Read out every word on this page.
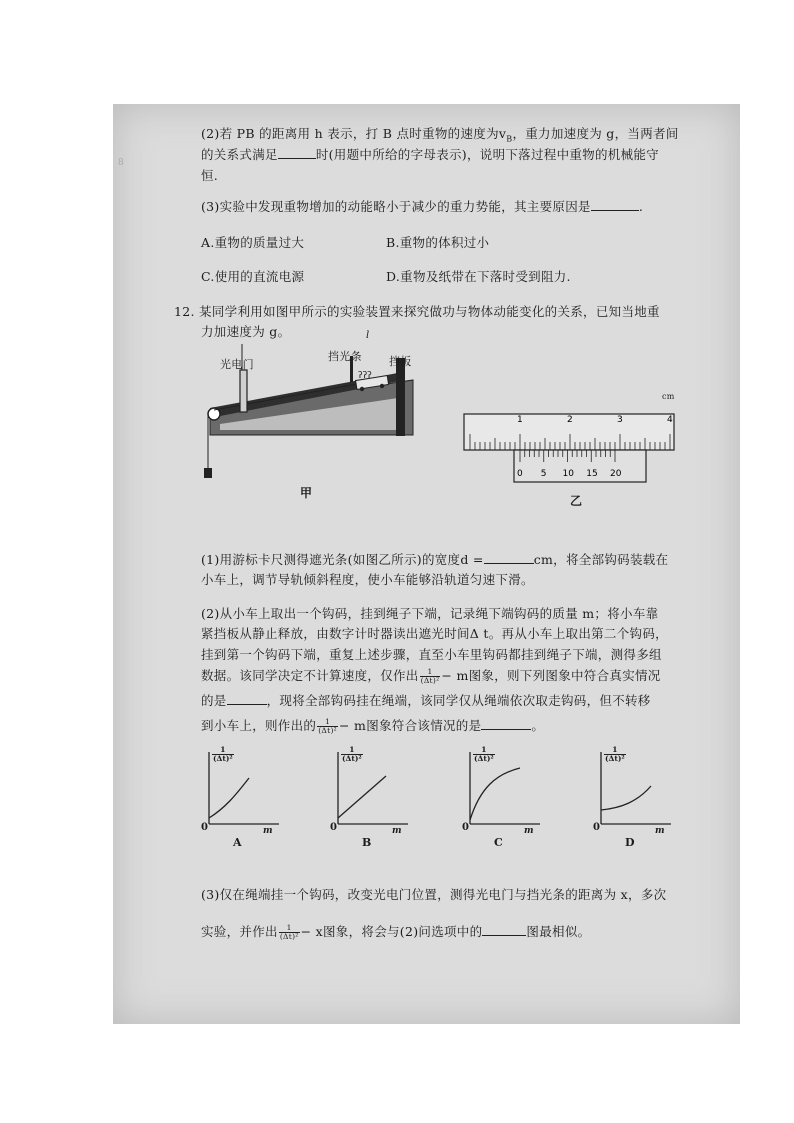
8
(2)若 PB 的距离用 h 表示，打 B 点时重物的速度为$v_B$，重力加速度为 g，当两者间
的关系式满足	时(用题中所给的字母表示)，说明下落过程中重物的机械能守
恒.
(3)实验中发现重物增加的动能略小于减少的重力势能，其主要原因是	.
A.重物的质量过大	B.重物的体积过小
C.使用的直流电源	D.重物及纸带在下落时受到阻力.
12. 某同学利用如图甲所示的实验装置来探究做功与物体动能变化的关系，已知当地重
力加速度为 g。
ʔʔʔ
光电门
挡光条 挡板
l
甲
1	2	3	4
0 5 10 15 20
cm
乙
(1)用游标卡尺测得遮光条(如图乙所示)的宽度d =	cm，将全部钩码装载在
小车上，调节导轨倾斜程度，使小车能够沿轨道匀速下滑。
(2)从小车上取出一个钩码，挂到绳子下端，记录绳下端钩码的质量 m；将小车靠
紧挡板从静止释放，由数字计时器读出遮光时间Δ t。再从小车上取出第二个钩码，
挂到第一个钩码下端，重复上述步骤，直至小车里钩码都挂到绳子下端，测得多组
数据。该同学决定不计算速度，仅作出 $\frac{1}{\text{(Δt)²}} - m$图象，则下列图象中符合真实情况
的是	，现将全部钩码挂在绳端，该同学仅从绳端依次取走钩码，但不转移
到小车上，则作出的 $\frac{1}{\text{(Δt)²}} - m$图象符合该情况的是	。
$\frac{1}{\text{(Δt)²}}$
0	m
A
$\frac{1}{\text{(Δt)²}}$
0	m
B
$\frac{1}{\text{(Δt)²}}$
0	m
C
$\frac{1}{\text{(Δt)²}}$
0	m
D
(3)仅在绳端挂一个钩码，改变光电门位置，测得光电门与挡光条的距离为 x，多次
实验，并作出 $\frac{1}{\text{(Δt)²}} - x$图象，将会与(2)问选项中的	图最相似。
